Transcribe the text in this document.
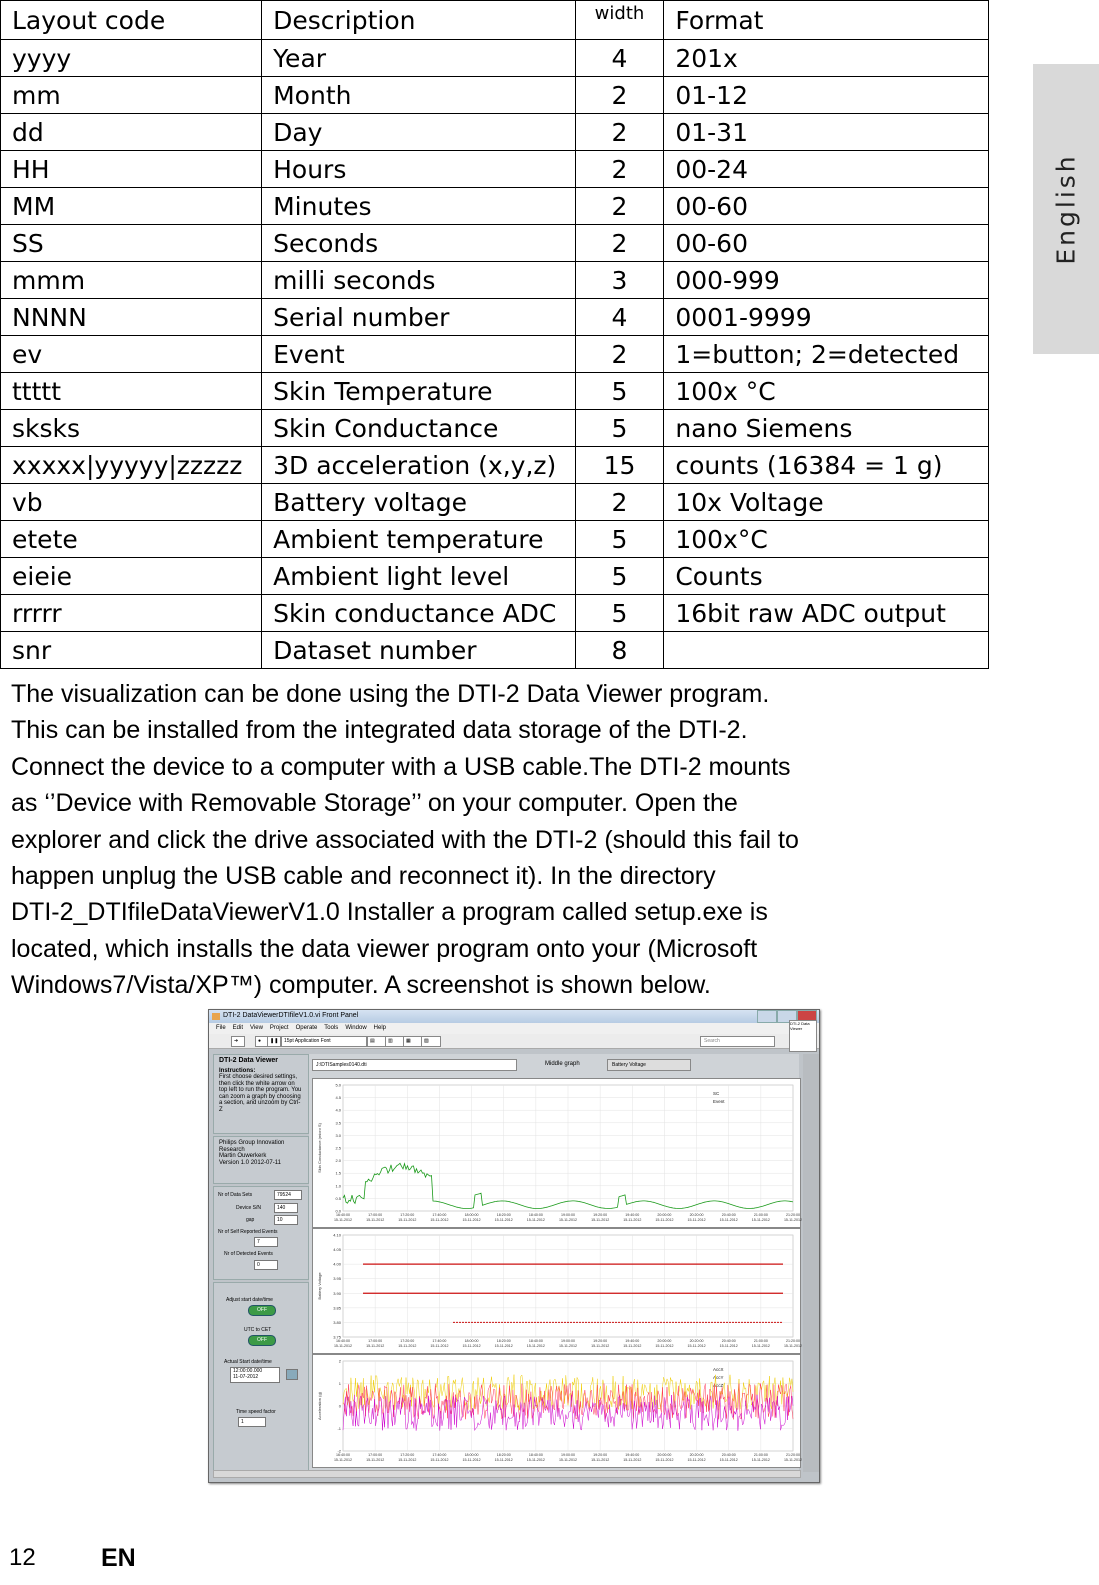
English
Layout code	Description	width	Format
yyyy	Year	4	201x
mm	Month	2	01-12
dd	Day	2	01-31
HH	Hours	2	00-24
MM	Minutes	2	00-60
SS	Seconds	2	00-60
mmm	milli seconds	3	000-999
NNNN	Serial number	4	0001-9999
ev	Event	2	1=button; 2=detected
ttttt	Skin Temperature	5	100x °C
sksks	Skin Conductance	5	nano Siemens
xxxxx|yyyyy|zzzzz	3D acceleration (x,y,z)	15	counts (16384 = 1 g)
vb	Battery voltage	2	10x Voltage
etete	Ambient temperature	5	100x°C
eieie	Ambient light level	5	Counts
rrrrr	Skin conductance ADC	5	16bit raw ADC output
snr	Dataset number	8	

The visualization can be done using the DTI-2 Data Viewer program.

This can be installed from the integrated data storage of the DTI-2.

Connect the device to a computer with a USB cable.The DTI-2 mounts

as ‘’Device with Removable Storage’’ on your computer. Open the

explorer and click the drive associated with the DTI-2 (should this fail to

happen unplug the USB cable and reconnect it). In the directory

DTI-2_DTIfileDataViewerV1.0 Installer a program called setup.exe is

located, which installs the data viewer program onto your (Microsoft

Windows7/Vista/XP™) computer. A screenshot is shown below.

DTI-2 DataViewerDTIfileV1.0.vi Front Panel
File Edit View Project Operate Tools Window Help
➜	●	❚❚	15pt Application Font	▤	▥	▦	▧	Search
DTI-2 Data Viewer
DTI-2 Data Viewer
Instructions:
First choose desired settings, then click the white arrow on top left to run the program. You can zoom a graph by choosing a section, and unzoom by Ctrl-Z
Philips Group Innovation
Research
Martin Ouwerkerk
Version 1.0 2012-07-11
Nr of Data Sets	79524
Device S/N	140
gap	10
Nr of Self Reported Events
7
Nr of Detected Events
0
Adjust start date/time
OFF
UTC to CET
OFF
Actual Start date/time
12:00:00.000
11-07-2012
Time speed factor
1
J:\DTISamples0140.dti	Middle graph	Battery Voltage
0.0
0.5
1.0
1.5
2.0
2.5
3.0
3.5
4.0
4.5
5.0
16:40:00
15-11-2012
17:00:00
15-11-2012
17:20:00
15-11-2012
17:40:00
15-11-2012
18:00:00
15-11-2012
18:20:00
15-11-2012
18:40:00
15-11-2012
19:00:00
15-11-2012
19:20:00
15-11-2012
19:40:00
15-11-2012
20:00:00
15-11-2012
20:20:00
15-11-2012
20:40:00
15-11-2012
21:00:00
15-11-2012
21:20:00
15-11-2012
Skin Conductance (micro S)
SC
Event
3.75
3.80
3.85
3.90
3.95
4.00
4.05
4.10
16:40:00
15-11-2012
17:00:00
15-11-2012
17:20:00
15-11-2012
17:40:00
15-11-2012
18:00:00
15-11-2012
18:20:00
15-11-2012
18:40:00
15-11-2012
19:00:00
15-11-2012
19:20:00
15-11-2012
19:40:00
15-11-2012
20:00:00
15-11-2012
20:20:00
15-11-2012
20:40:00
15-11-2012
21:00:00
15-11-2012
21:20:00
15-11-2012
Battery Voltage
-2
-1
0
1
2
16:40:00
15-11-2012
17:00:00
15-11-2012
17:20:00
15-11-2012
17:40:00
15-11-2012
18:00:00
15-11-2012
18:20:00
15-11-2012
18:40:00
15-11-2012
19:00:00
15-11-2012
19:20:00
15-11-2012
19:40:00
15-11-2012
20:00:00
15-11-2012
20:20:00
15-11-2012
20:40:00
15-11-2012
21:00:00
15-11-2012
21:20:00
15-11-2012
Acceleration (g)
AccX
AccY
AccZ
12	EN
